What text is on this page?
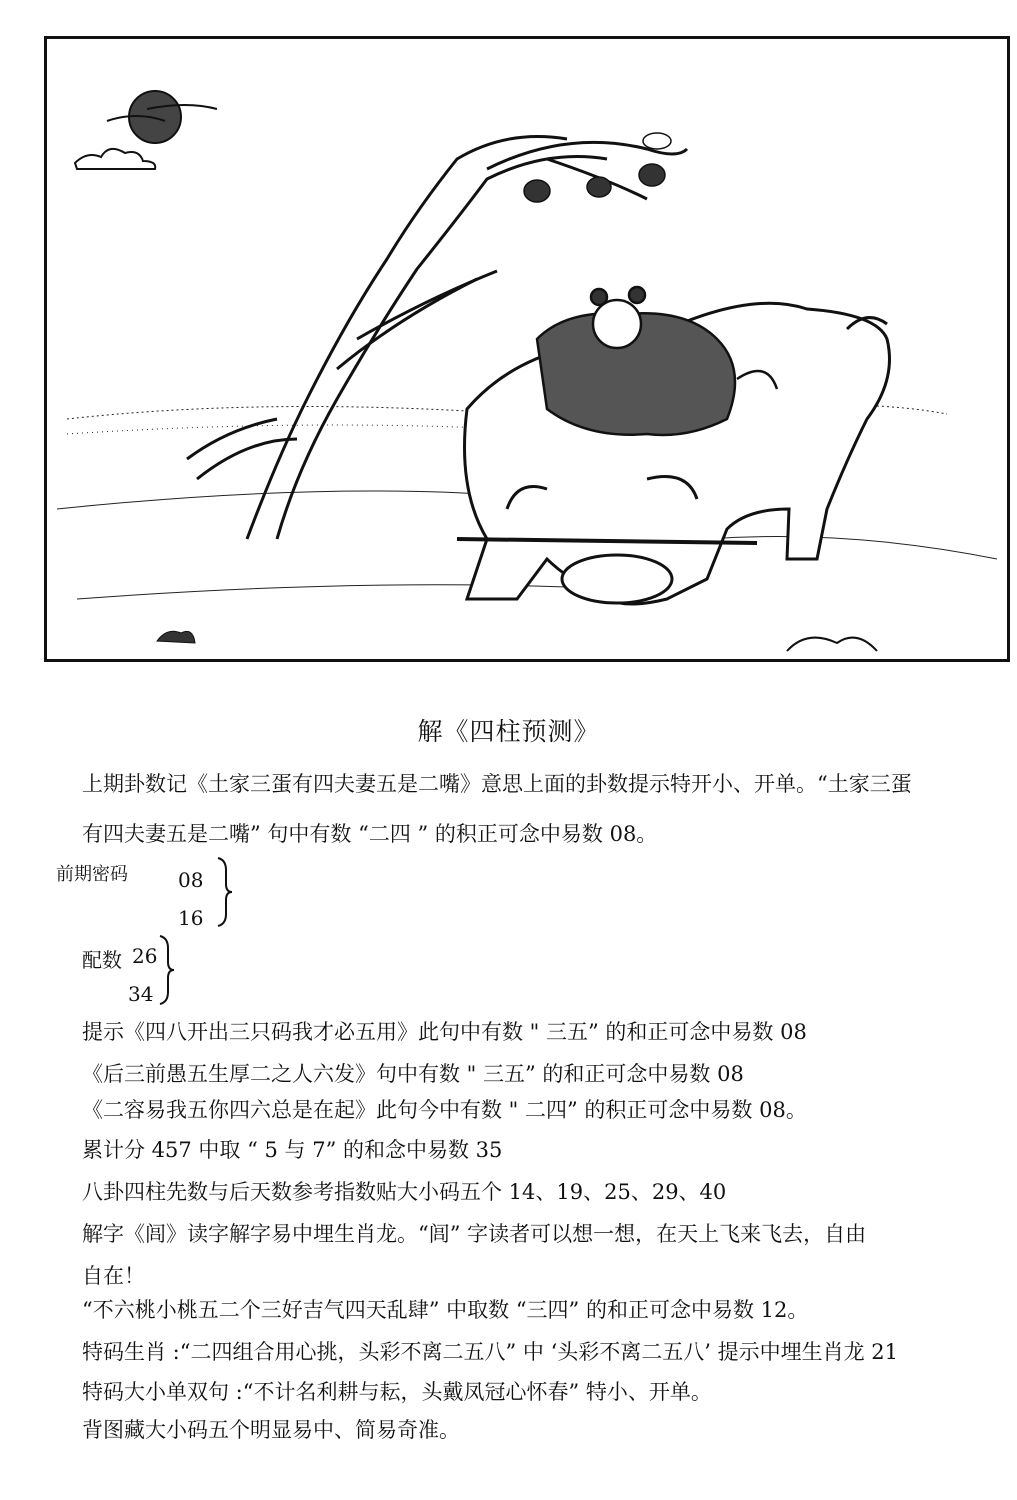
解《四柱预测》
上期卦数记《土家三蛋有四夫妻五是二嘴》意思上面的卦数提示特开小、开单。“土家三蛋
有四夫妻五是二嘴” 句中有数 “二四 ” 的积正可念中易数 08。
前期密码	08
16
配数 26
34
提示《四八开出三只码我才必五用》此句中有数 " 三五” 的和正可念中易数 08
《后三前愚五生厚二之人六发》句中有数 " 三五” 的和正可念中易数 08
《二容易我五你四六总是在起》此句今中有数 " 二四” 的积正可念中易数 08。
累计分 457 中取 “ 5 与 7” 的和念中易数 35
八卦四柱先数与后天数参考指数贴大小码五个 14、19、25、29、40
解字《闾》读字解字易中埋生肖龙。“闾” 字读者可以想一想，在天上飞来飞去，自由
自在！
“不六桃小桃五二个三好吉气四天乱肆” 中取数 “三四” 的和正可念中易数 12。
特码生肖 :“二四组合用心挑，头彩不离二五八” 中 ‘头彩不离二五八’ 提示中埋生肖龙 21
特码大小单双句 :“不计名利耕与耘，头戴凤冠心怀春” 特小、开单。
背图藏大小码五个明显易中、简易奇准。
